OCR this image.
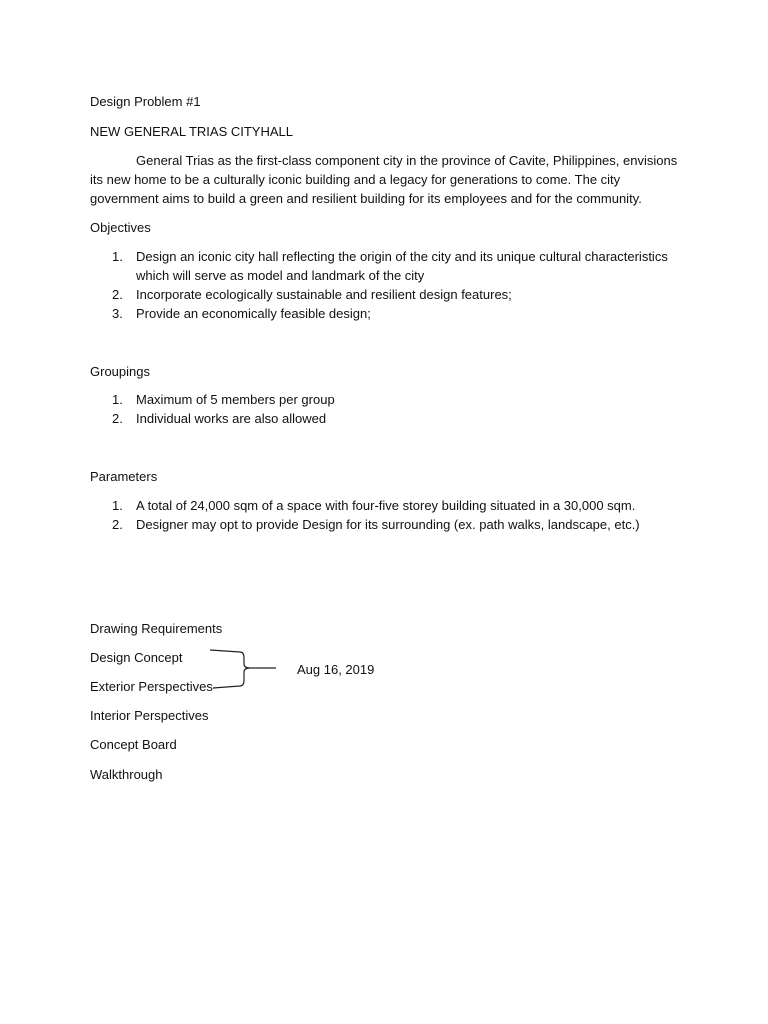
Design Problem #1
NEW GENERAL TRIAS CITYHALL
General Trias as the first-class component city in the province of Cavite, Philippines, envisions its new home to be a culturally iconic building and a legacy for generations to come. The city government aims to build a green and resilient building for its employees and for the community.
Objectives
1. Design an iconic city hall reflecting the origin of the city and its unique cultural characteristics which will serve as model and landmark of the city
2. Incorporate ecologically sustainable and resilient design features;
3. Provide an economically feasible design;
Groupings
1. Maximum of 5 members per group
2. Individual works are also allowed
Parameters
1. A total of 24,000 sqm of a space with four-five storey building situated in a 30,000 sqm.
2. Designer may opt to provide Design for its surrounding (ex. path walks, landscape, etc.)
Drawing Requirements
Design Concept
Exterior Perspectives
Interior Perspectives
Concept Board
Walkthrough
Aug 16, 2019
